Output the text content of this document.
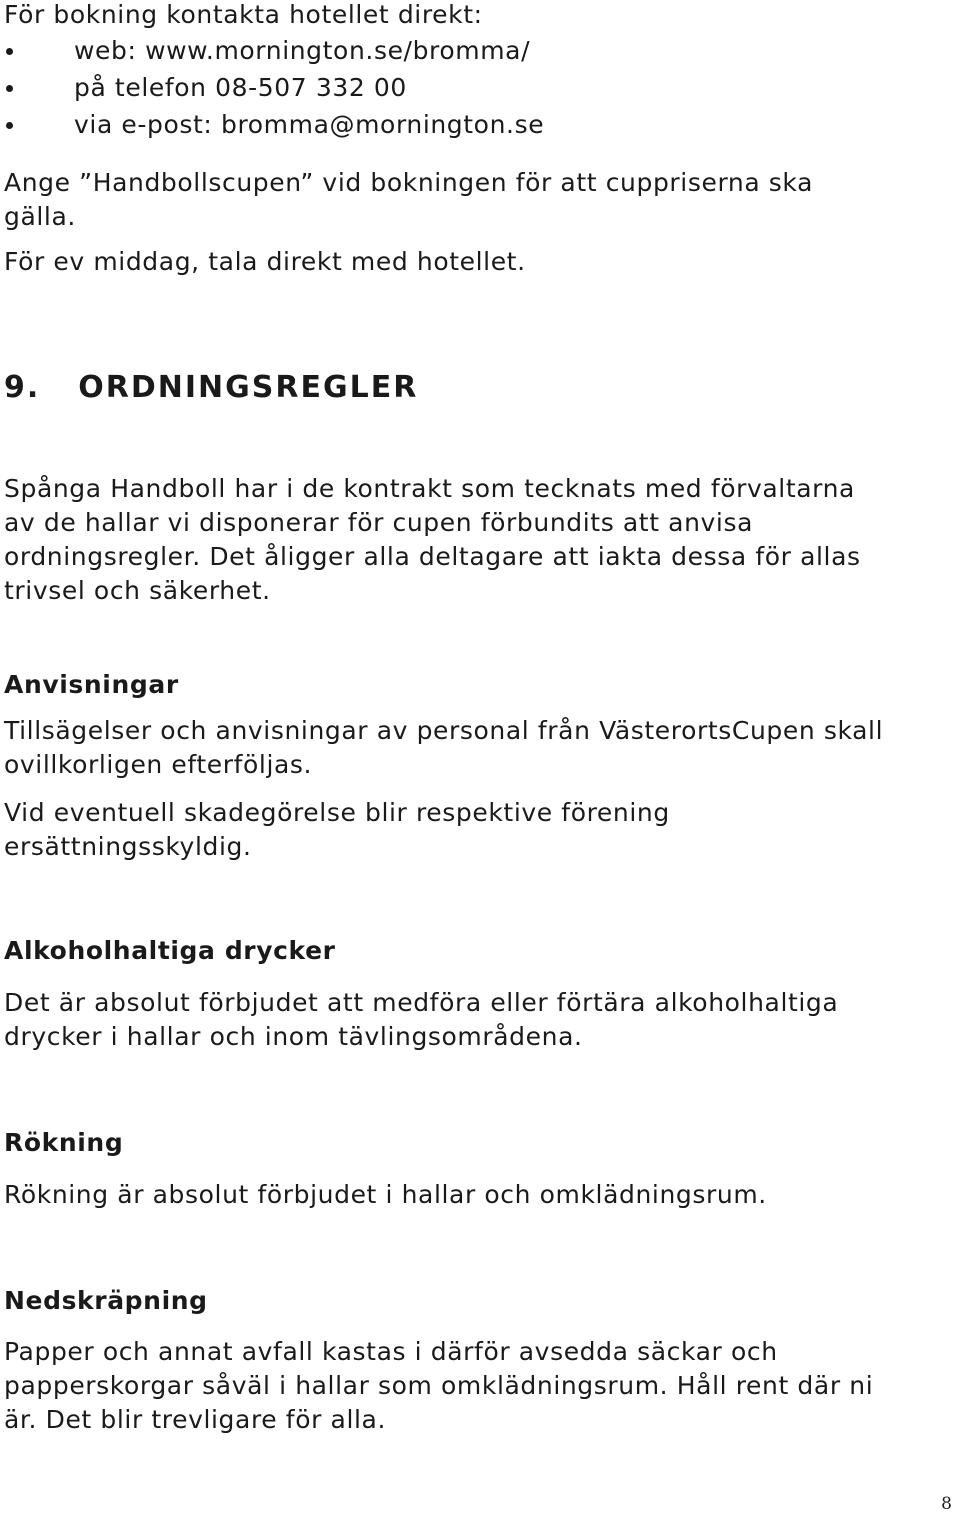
För bokning kontakta hotellet direkt:
web: www.mornington.se/bromma/
på telefon 08-507 332 00
via e-post: bromma@mornington.se
Ange ”Handbollscupen” vid bokningen för att cuppriserna ska
gälla.
För ev middag, tala direkt med hotellet.
9. ORDNINGSREGLER
Spånga Handboll har i de kontrakt som tecknats med förvaltarna
av de hallar vi disponerar för cupen förbundits att anvisa
ordningsregler. Det åligger alla deltagare att iakta dessa för allas
trivsel och säkerhet.
Anvisningar
Tillsägelser och anvisningar av personal från VästerortsCupen skall
ovillkorligen efterföljas.
Vid eventuell skadegörelse blir respektive förening
ersättningsskyldig.
Alkoholhaltiga drycker
Det är absolut förbjudet att medföra eller förtära alkoholhaltiga
drycker i hallar och inom tävlingsområdena.
Rökning
Rökning är absolut förbjudet i hallar och omklädningsrum.
Nedskräpning
Papper och annat avfall kastas i därför avsedda säckar och
papperskorgar såväl i hallar som omklädningsrum. Håll rent där ni
är. Det blir trevligare för alla.
8
